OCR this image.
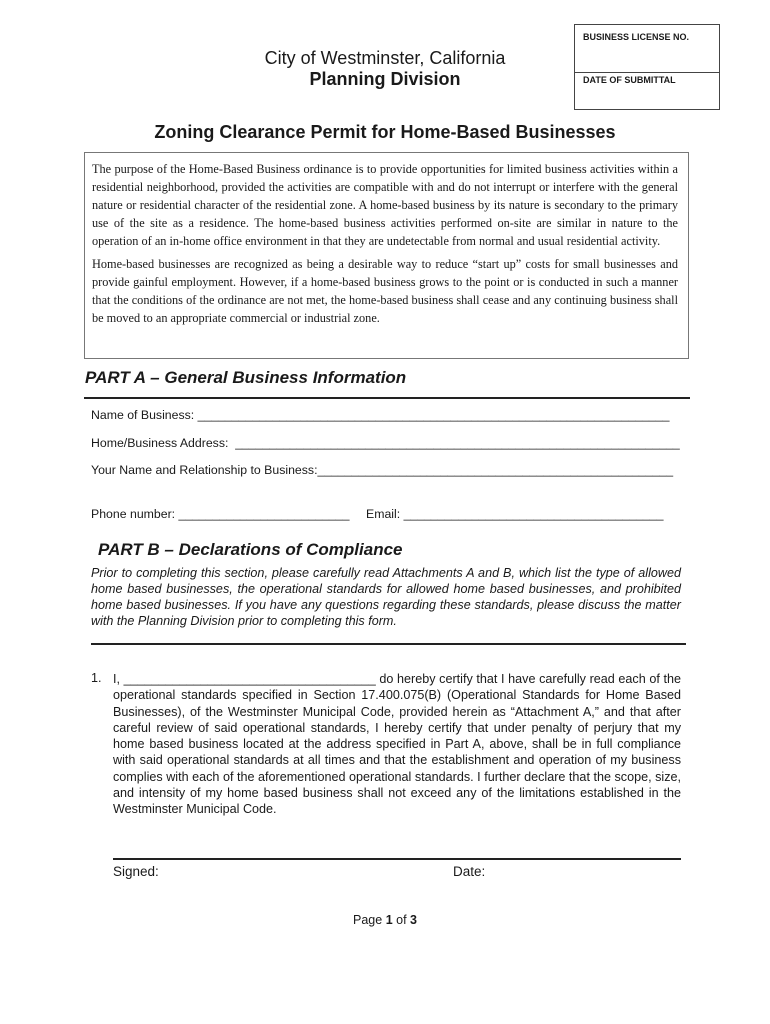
BUSINESS LICENSE NO.
DATE OF SUBMITTAL
City of Westminster, California
Planning Division
Zoning Clearance Permit for Home-Based Businesses

The purpose of the Home-Based Business ordinance is to provide opportunities for limited business activities within a residential neighborhood, provided the activities are compatible with and do not interrupt or interfere with the general nature or residential character of the residential zone. A home-based business by its nature is secondary to the primary use of the site as a residence. The home-based business activities performed on-site are similar in nature to the operation of an in-home office environment in that they are undetectable from normal and usual residential activity.

Home-based businesses are recognized as being a desirable way to reduce “start up” costs for small businesses and provide gainful employment. However, if a home-based business grows to the point or is conducted in such a manner that the conditions of the ordinance are not met, the home-based business shall cease and any continuing business shall be moved to an appropriate commercial or industrial zone.

PART A – General Business Information
Name of Business: _____________________________________________________________________
Home/Business Address:  _________________________________________________________________
Your Name and Relationship to Business:____________________________________________________
Phone number: _________________________ Email: ______________________________________
PART B – Declarations of Compliance
Prior to completing this section, please carefully read Attachments A and B, which list the type of allowed home based businesses, the operational standards for allowed home based businesses, and prohibited home based businesses. If you have any questions regarding these standards, please discuss the matter with the Planning Division prior to completing this form.
1. I, ____________________________________ do hereby certify that I have carefully read each of the operational standards specified in Section 17.400.075(B) (Operational Standards for Home Based Businesses), of the Westminster Municipal Code, provided herein as “Attachment A,” and that after careful review of said operational standards, I hereby certify that under penalty of perjury that my home based business located at the address specified in Part A, above, shall be in full compliance with said operational standards at all times and that the establishment and operation of my business complies with each of the aforementioned operational standards. I further declare that the scope, size, and intensity of my home based business shall not exceed any of the limitations established in the Westminster Municipal Code.
Signed:	Date:
Page 1 of 3
